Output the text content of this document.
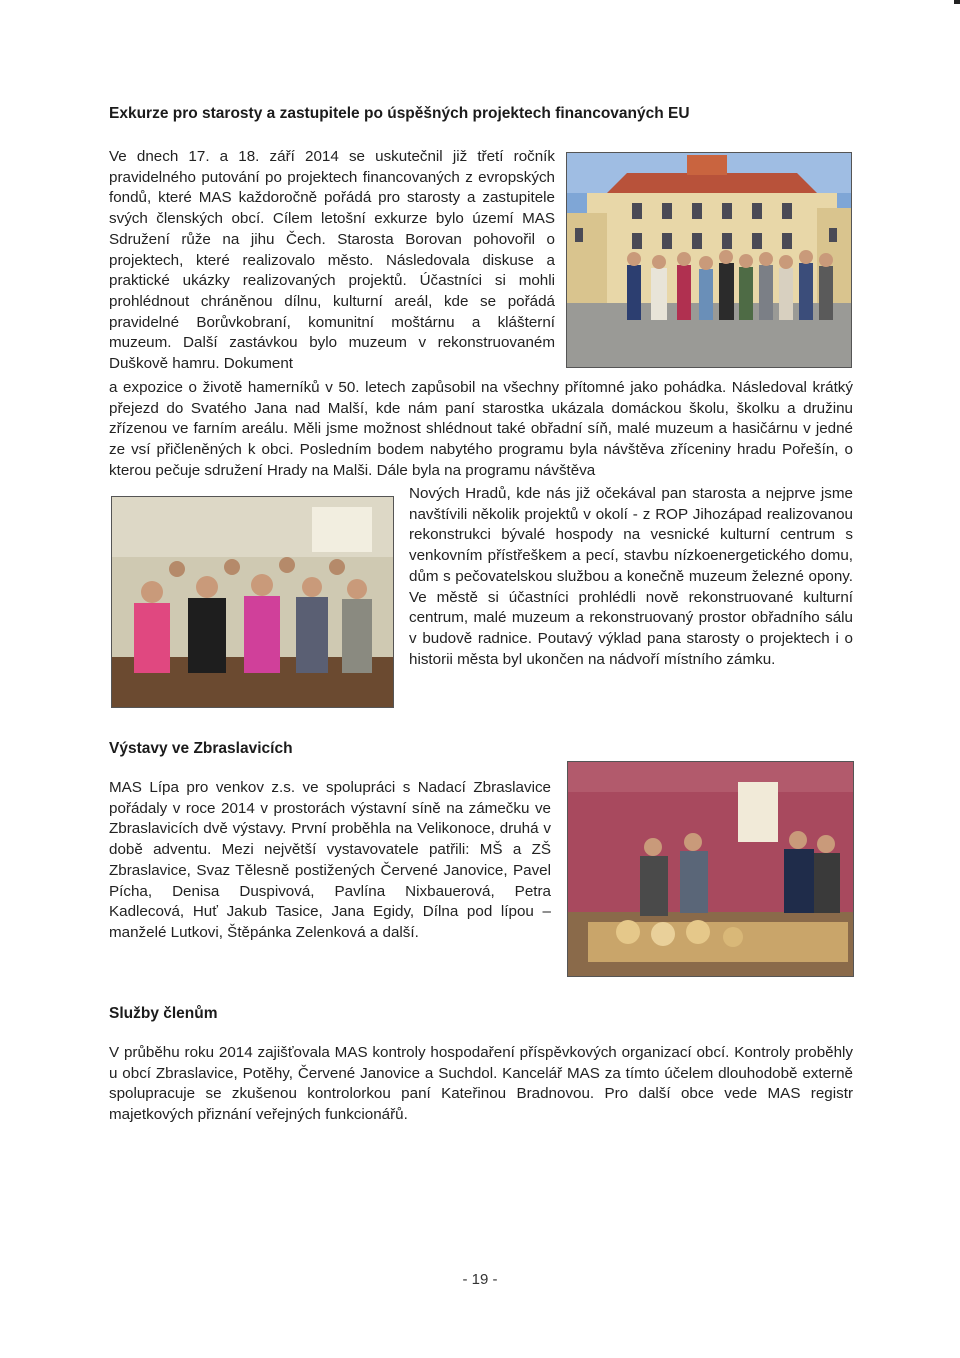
Exkurze pro starosty a zastupitele po úspěšných projektech financovaných EU

Ve dnech 17. a 18. září 2014 se uskutečnil již třetí ročník pravidelného putování po projektech financovaných z evropských fondů, které MAS každoročně pořádá pro starosty a zastupitele svých členských obcí. Cílem letošní exkurze bylo území MAS Sdružení růže na jihu Čech. Starosta Borovan pohovořil o projektech, které realizovalo město. Následovala diskuse a praktické ukázky realizovaných projektů. Účastníci si mohli prohlédnout chráněnou dílnu, kulturní areál, kde se pořádá pravidelné Borůvkobraní, komunitní moštárnu a klášterní muzeum. Další zastávkou bylo muzeum v rekonstruovaném Duškově hamru. Dokument

a expozice o životě hamerníků v 50. letech zapůsobil na všechny přítomné jako pohádka. Následoval krátký přejezd do Svatého Jana nad Malší, kde nám paní starostka ukázala domáckou školu, školku a družinu zřízenou ve farním areálu. Měli jsme možnost shlédnout také obřadní síň, malé muzeum a hasičárnu v jedné ze vsí přičleněných k obci. Posledním bodem nabytého programu byla návštěva zříceniny hradu Pořešín, o kterou pečuje sdružení Hrady na Malši. Dále byla na programu návštěva

Nových Hradů, kde nás již očekával pan starosta a nejprve jsme navštívili několik projektů v okolí - z ROP Jihozápad realizovanou rekonstrukci bývalé hospody na vesnické kulturní centrum s venkovním přístřeškem a pecí, stavbu nízkoenergetického domu, dům s pečovatelskou službou a konečně muzeum železné opony. Ve městě si účastníci prohlédli nově rekonstruované kulturní centrum, malé muzeum a rekonstruovaný prostor obřadního sálu v budově radnice. Poutavý výklad pana starosty o projektech i o historii města byl ukončen na nádvoří místního zámku.

Výstavy ve Zbraslavicích

MAS Lípa pro venkov z.s. ve spolupráci s Nadací Zbraslavice pořádaly v roce 2014 v prostorách výstavní síně na zámečku ve Zbraslavicích dvě výstavy. První proběhla na Velikonoce, druhá v době adventu. Mezi největší vystavovatele patřili: MŠ a ZŠ Zbraslavice, Svaz Tělesně postižených Červené Janovice, Pavel Pícha, Denisa Duspivová, Pavlína Nixbauerová, Petra Kadlecová, Huť Jakub Tasice, Jana Egidy, Dílna pod lípou – manželé Lutkovi, Štěpánka Zelenková a další.

Služby členům

V průběhu roku 2014 zajišťovala MAS kontroly hospodaření příspěvkových organizací obcí. Kontroly proběhly u obcí Zbraslavice, Potěhy, Červené Janovice a Suchdol. Kancelář MAS za tímto účelem dlouhodobě externě spolupracuje se zkušenou kontrolorkou paní Kateřinou Bradnovou. Pro další obce vede MAS registr majetkových přiznání veřejných funkcionářů.

- 19 -
